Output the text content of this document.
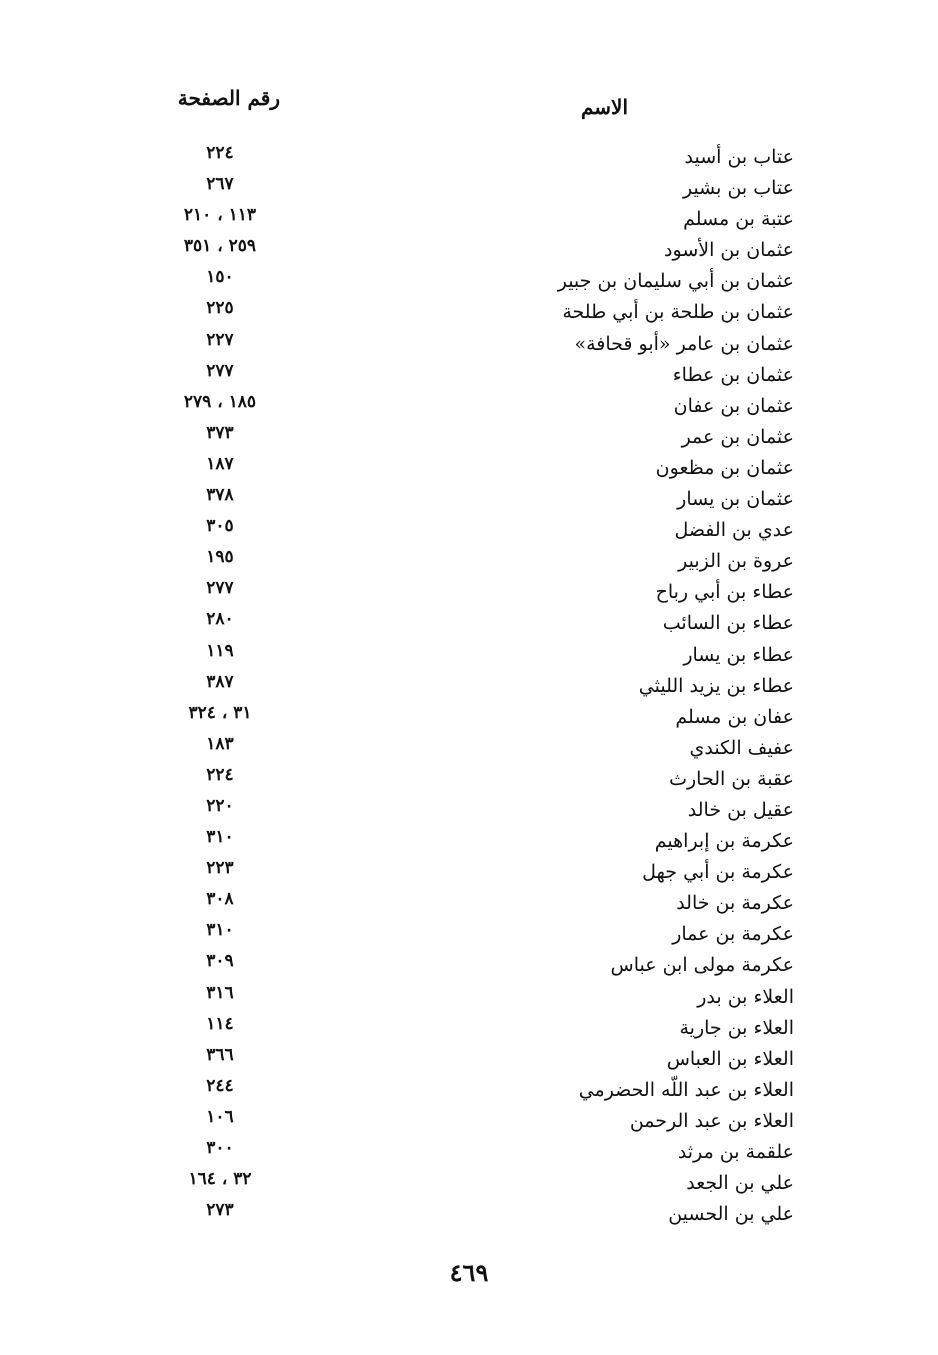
الاسم
رقم الصفحة
٢٢٤	عتاب بن أسيد
٢٦٧	عتاب بن بشير
١١٣ ، ٢١٠	عتبة بن مسلم
٢٥٩ ، ٣٥١	عثمان بن الأسود
١٥٠	عثمان بن أبي سليمان بن جبير
٢٢٥	عثمان بن طلحة بن أبي طلحة
٢٢٧	عثمان بن عامر «أبو قحافة»
٢٧٧	عثمان بن عطاء
١٨٥ ، ٢٧٩	عثمان بن عفان
٣٧٣	عثمان بن عمر
١٨٧	عثمان بن مظعون
٣٧٨	عثمان بن يسار
٣٠٥	عدي بن الفضل
١٩٥	عروة بن الزبير
٢٧٧	عطاء بن أبي رباح
٢٨٠	عطاء بن السائب
١١٩	عطاء بن يسار
٣٨٧	عطاء بن يزيد الليثي
٣١ ، ٣٢٤	عفان بن مسلم
١٨٣	عفيف الكندي
٢٢٤	عقبة بن الحارث
٢٢٠	عقيل بن خالد
٣١٠	عكرمة بن إبراهيم
٢٢٣	عكرمة بن أبي جهل
٣٠٨	عكرمة بن خالد
٣١٠	عكرمة بن عمار
٣٠٩	عكرمة مولى ابن عباس
٣١٦	العلاء بن بدر
١١٤	العلاء بن جارية
٣٦٦	العلاء بن العباس
٢٤٤	العلاء بن عبد اللّه الحضرمي
١٠٦	العلاء بن عبد الرحمن
٣٠٠	علقمة بن مرثد
٣٢ ، ١٦٤	علي بن الجعد
٢٧٣	علي بن الحسين
٤٦٩
